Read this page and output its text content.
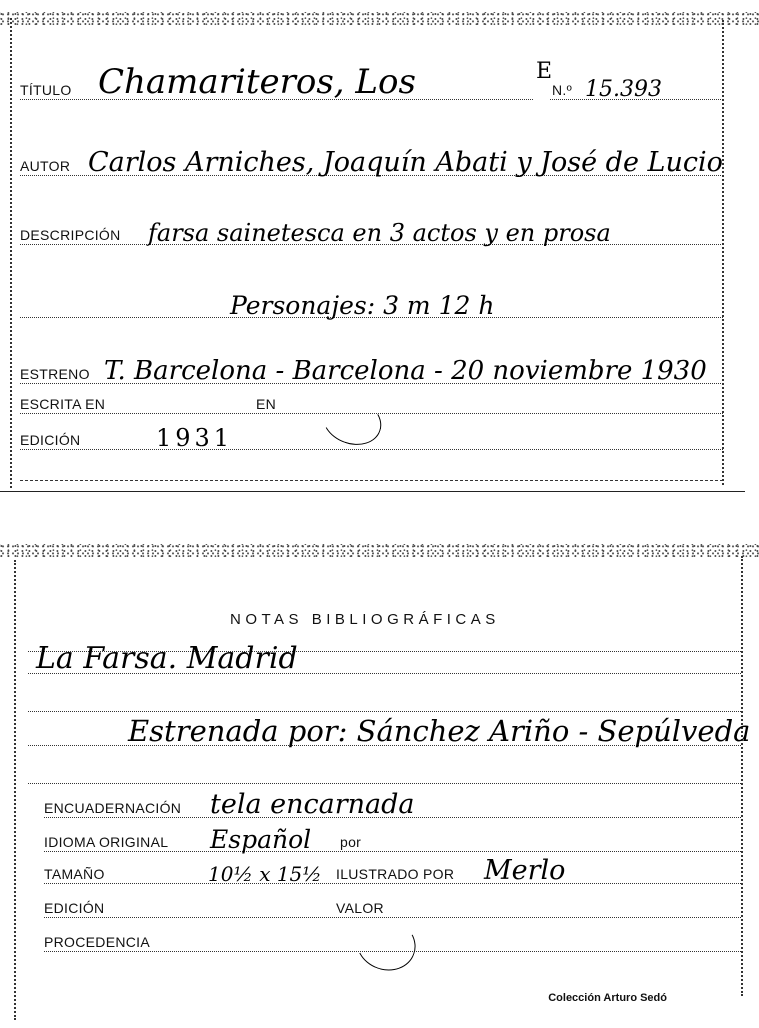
TÍTULO Chamariteros, Los	E
N.º 15.393
AUTOR Carlos Arniches, Joaquín Abati y José de Lucio
DESCRIPCIÓN farsa sainetesca en 3 actos y en prosa
Personajes: 3 m 12 h
ESTRENO T. Barcelona - Barcelona - 20 noviembre 1930
ESCRITA EN	EN
EDICIÓN	1931
NOTAS BIBLIOGRÁFICAS
La Farsa. Madrid
Estrenada por: Sánchez Ariño - Sepúlveda
ENCUADERNACIÓN tela encarnada
IDIOMA ORIGINAL Español por
TAMAÑO	10½ x 15½ ILUSTRADO POR Merlo
EDICIÓN	VALOR
PROCEDENCIA
Colección Arturo Sedó
